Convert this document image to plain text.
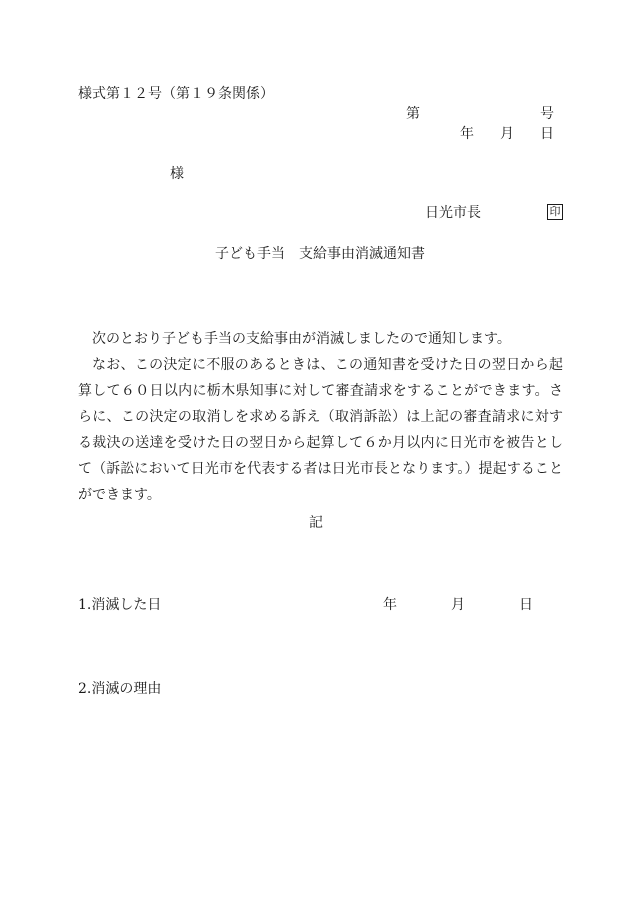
様式第１２号（第１９条関係）
第	号
年 月 日
様
日光市長	印
子ども手当　支給事由消滅通知書

次のとおり子ども手当の支給事由が消滅しましたので通知します。

なお、この決定に不服のあるときは、この通知書を受けた日の翌日から起算して６０日以内に栃木県知事に対して審査請求をすることができます。さらに、この決定の取消しを求める訴え（取消訴訟）は上記の審査請求に対する裁決の送達を受けた日の翌日から起算して６か月以内に日光市を被告として（訴訟において日光市を代表する者は日光市長となります。）提起することができます。

記
1.消滅した日	年	月	日
2.消滅の理由
